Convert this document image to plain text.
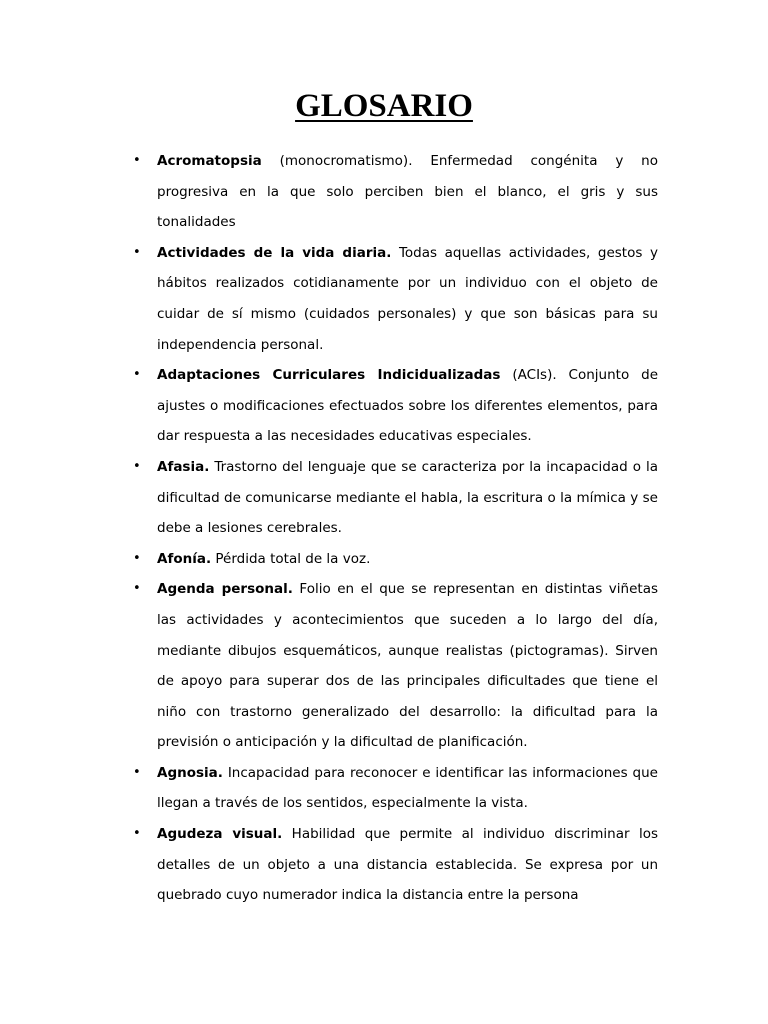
GLOSARIO
• Acromatopsia (monocromatismo). Enfermedad congénita y no progresiva en la que solo perciben bien el blanco, el gris y sus tonalidades
• Actividades de la vida diaria. Todas aquellas actividades, gestos y hábitos realizados cotidianamente por un individuo con el objeto de cuidar de sí mismo (cuidados personales) y que son básicas para su independencia personal.
• Adaptaciones Curriculares Indicidualizadas (ACIs). Conjunto de ajustes o modificaciones efectuados sobre los diferentes elementos, para dar respuesta a las necesidades educativas especiales.
• Afasia. Trastorno del lenguaje que se caracteriza por la incapacidad o la dificultad de comunicarse mediante el habla, la escritura o la mímica y se debe a lesiones cerebrales.
• Afonía. Pérdida total de la voz.
• Agenda personal. Folio en el que se representan en distintas viñetas las actividades y acontecimientos que suceden a lo largo del día, mediante dibujos esquemáticos, aunque realistas (pictogramas). Sirven de apoyo para superar dos de las principales dificultades que tiene el niño con trastorno generalizado del desarrollo: la dificultad para la previsión o anticipación y la dificultad de planificación.
• Agnosia. Incapacidad para reconocer e identificar las informaciones que llegan a través de los sentidos, especialmente la vista.
• Agudeza visual. Habilidad que permite al individuo discriminar los detalles de un objeto a una distancia establecida. Se expresa por un quebrado cuyo numerador indica la distancia entre la persona
